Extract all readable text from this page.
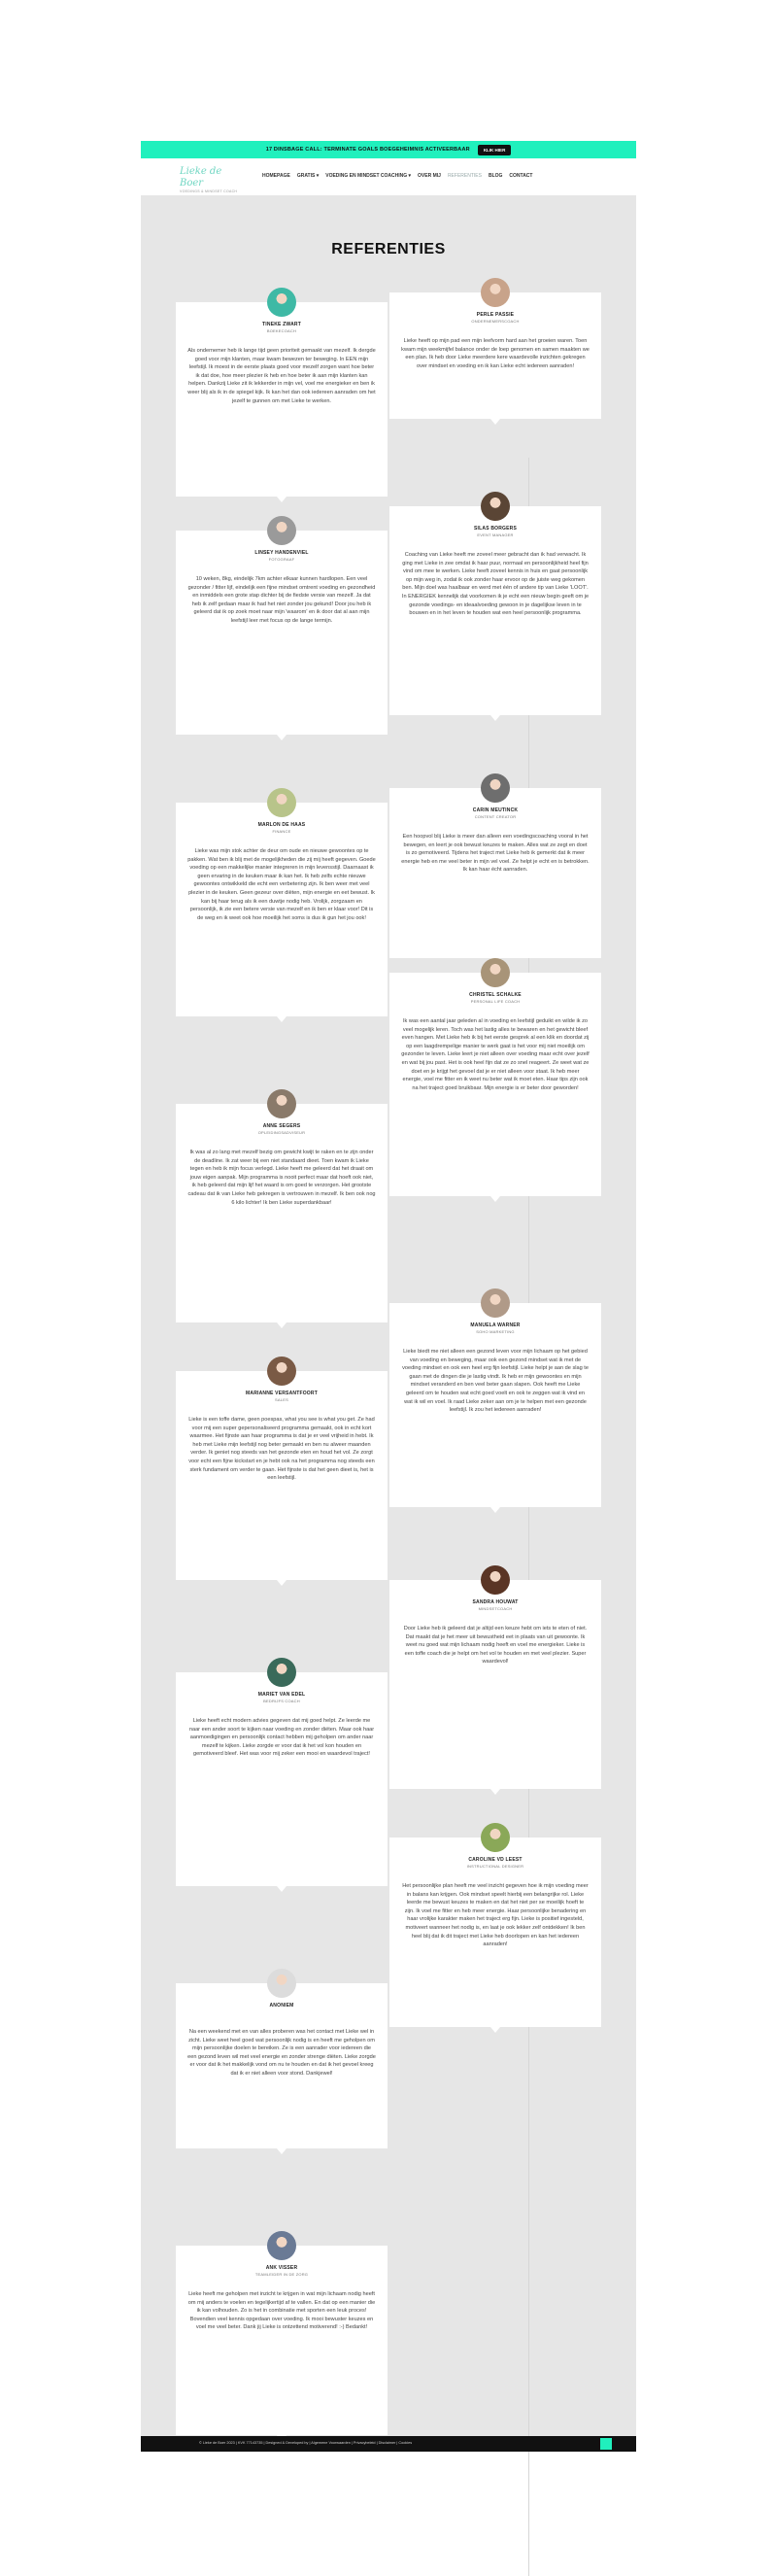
17 DINSBAGE CALL: TERMINATE GOALS BOEGEHEIMNIS ACTIVEERBAAR	KLIK HIER
Lieke de Boer
VOEDINGS & MINDSET COACH
HOMEPAGE GRATIS ▾ VOEDING EN MINDSET COACHING ▾ OVER MIJ REFERENTIES BLOG CONTACT
REFERENTIES
TINEKE ZWART
BOEKECOACH
Als ondernemer heb ik lange tijd geen prioriteit gemaakt van mezelf. Ik dergde goed voor mijn klanten, maar kwam bewezen ter beweging. In EEN mijn leefstijl. Ik moest in de eerste plaats goed voor mezelf zorgen want hoe beter ik dat doe, hoe meer plezier ik heb en hoe beter ik aan mijn klanten kan helpen. Dankzij Lieke zit ik lekkerder in mijn vel, voel me energieker en ben ik weer blij als ik in de spiegel kijk. Ik kan het dan ook iedereen aanraden om het jezelf te gunnen om met Lieke te werken.
PERLE PASSIE
ONDERNEMERSCOACH
Lieke heeft op mijn pad een mijn leefvorm hard aan het groeien waren. Toen kwam mijn weekmijfel balance onder de loep genomen en samen maakten we een plan. Ik heb door Lieke meerdere kere waardevolle inzichten gekregen over mindset en voeding en ik kan Lieke echt iedereen aanraden!
LINSEY HANDENVIEL
FOTOGRAAF
10 weken, 8kg, eindelijk 7km achter elkaar kunnen hardlopen. Een veel gezonder / fitter lijf, eindelijk een fijne mindset omtrent voeding en gezondheid en inmiddels een grote stap dichter bij de fiedste versie van mezelf. Ja dat heb ik zelf gedaan maar ik had het niet zonder jou gekund! Door jou heb ik geleerd dat ik op zoek moet naar mijn 'waarom' en ik door dat al aan mijn leefstijl leer met focus op de lange termijn.
SILAS BORGERS
EVENT MANAGER
Coaching van Lieke heeft me zoveel meer gebracht dan ik had verwacht. Ik ging met Lieke in zee omdat ik haar puur, normaal en persoonlijkheid heel fijn vind om mee te werken. Lieke heeft zoveel kennis in huis en gaat persoonlijk op mijn weg in, zodat ik ook zonder haar ervoor op de juiste weg gekomen ben. Mijn doel was haalbaar en werd met één of andere tip van Lieke 'LOOT'. In ENERGIEK kennelijk dat voorkomen ik je echt een nieuw begin geeft om je gezonde voedings- en ideaalvoeding gewoon in je dagelijkse leven in te bouwen en in het leven te houden wat een heel persoonlijk programma.
MARLON DE HAAS
FINANCE
Lieke was mijn stok achter de deur om oude en nieuwe gewoontes op te pakken. Wat ben ik blij met de mogelijkheden die zij mij heeft gegeven. Goede voeding op een makkelijke manier integreren in mijn levensstijl. Daarnaast ik geen ervaring in de keuken maar ik kan het. Ik heb zelfs echte nieuwe gewoontes ontwikkeld die echt een verbetering zijn. Ik ben weer met veel plezier in de keuken. Geen gezeur over diëten, mijn energie en eet bewust. Ik kan bij haar terug als ik een duwtje nodig heb. Vrolijk, zorgzaam en persoonlijk, ik zie een betere versie van mezelf en ik ben er klaar voor! Dit is de weg en ik weet ook hoe moeilijk het soms is dus ik gun het jou ook!
CARIN MEUTINCK
CONTENT CREATOR
Een hoopvol blij Lieke is meer dan alleen een voedingscoaching vooral in het bewegen, en leert je ook bewust keuzes te maken. Alles wat ze zegt en doet is zo gemotiveerd. Tijdens het traject met Lieke heb ik gemerkt dat ik meer energie heb en me veel beter in mijn vel voel. Ze helpt je echt en is betrokken. Ik kan haar écht aanraden.
ANNE SEGERS
OPLEIDINGSADVISEUR
Ik was al zo lang met mezelf bezig om gewicht kwijt te raken en te zijn onder de deadline. Ik zat weer bij een niet standaard dieet. Toen kwam ik Lieke tegen en heb ik mijn focus verlegd. Lieke heeft me geleerd dat het draait om jouw eigen aanpak. Mijn programma is nooit perfect maar dat hoeft ook niet, ik heb geleerd dat mijn lijf het waard is om goed te verzorgen. Het grootste cadeau dat ik van Lieke heb gekregen is vertrouwen in mezelf. Ik ben ook nog 6 kilo lichter! Ik ben Lieke superdankbaar!
CHRISTEL SCHALKE
PERSONAL LIFE COACH
Ik was een aantal jaar geleden al in voeding en leefstijl geduikt en wilde ik zo veel mogelijk leren. Toch was het lastig alles te bewaren en het gewicht bleef even hangen. Met Lieke heb ik bij het eerste gesprek al een klik en doordat zij op een laagdrempelige manier te werk gaat is het voor mij niet moeilijk om gezonder te leven. Lieke leert je niet alleen over voeding maar echt over jezelf en wat bij jou past. Het is ook heel fijn dat ze zo snel reageert. Ze weet wat ze doet en je krijgt het gevoel dat je er niet alleen voor staat. Ik heb meer energie, voel me fitter en ik weet nu beter wat ik moet eten. Haar tips zijn ook na het traject goed bruikbaar. Mijn energie is er beter door geworden!
MARIANNE VERSANTFOORT
SALES
Lieke is een toffe dame, geen poespas, what you see is what you get. Ze had voor mij een super gepersonaliseerd programma gemaakt, ook in echt kort waarmee. Het fijnste aan haar programma is dat je er veel vrijheid in hebt. Ik heb met Lieke mijn leefstijl nog beter gemaakt en ben nu alweer maanden verder. Ik geniet nog steeds van het gezonde eten en houd het vol. Ze zorgt voor echt een fijne kickstart en je hebt ook na het programma nog steeds een sterk fundament om verder te gaan. Het fijnste is dat het geen dieet is, het is een leefstijl.
MANUELA WARNER
SOHO MARKETING
Lieke biedt me niet alleen een gezond leven voor mijn lichaam op het gebied van voeding en beweging, maar ook een gezond mindset wat ik met de voeding mindset en ook een heel erg fijn leefstijl. Lieke helpt je aan de slag te gaan met de dingen die je lastig vindt. Ik heb er mijn gewoontes en mijn mindset veranderd en ben veel beter gaan slapen. Ook heeft me Lieke geleerd om te houden wat echt goed voelt en ook te zeggen wat ik vind en wat ik wil en voel. Ik raad Lieke zeker aan om je te helpen met een gezonde leefstijl. Ik zou het iedereen aanraden!
MARIET VAN EDEL
BEDRIJFS COACH
Lieke heeft echt modern advies gegeven dat mij goed helpt. Ze leerde me naar een ander soort te kijken naar voeding en zonder diëten. Maar ook haar aanmoedigingen en persoonlijk contact hebben mij geholpen om ander naar mezelf te kijken. Lieke zorgde er voor dat ik het vol kon houden en gemotiveerd bleef. Het was voor mij zeker een mooi en waardevol traject!
SANDRA HOUWAT
MINDSETCOACH
Door Lieke heb ik geleerd dat je altijd een keuze hebt om iets te eten of niet. Dat maakt dat je het meer uit bewustheid eet in plaats van uit gewoonte. Ik weet nu goed wat mijn lichaam nodig heeft en voel me energieker. Lieke is een toffe coach die je helpt om het vol te houden en met veel plezier. Super waardevol!
ANONIEM
Na een weekend met en van alles proberen was het contact met Lieke wel in zicht. Lieke weet heel goed wat persoonlijk nodig is en heeft me geholpen om mijn persoonlijke doelen te bereiken. Ze is een aanrader voor iedereen die een gezond leven wil met veel energie en zonder strenge diëten. Lieke zorgde er voor dat ik het makkelijk vond om nu te houden en dat ik het gevoel kreeg dat ik er niet alleen voor stond. Dankjewel!
CAROLINE VD LEEST
INSTRUCTIONAL DESIGNER
Het persoonlijke plan heeft me veel inzicht gegeven hoe ik mijn voeding meer in balans kan krijgen. Ook mindset speelt hierbij een belangrijke rol. Lieke leerde me bewust keuzes te maken en dat het niet per se moeilijk hoeft te zijn. Ik voel me fitter en heb meer energie. Haar persoonlijke benadering en haar vrolijke karakter maken het traject erg fijn. Lieke is positief ingesteld, motiveert wanneer het nodig is, en laat je ook lekker zelf ontdekken! Ik ben heel blij dat ik dit traject met Lieke heb doorlopen en kan het iedereen aanraden!
ANK VISSER
TEAMLEIDER IN DE ZORG
Lieke heeft me geholpen met inzicht te krijgen in wat mijn lichaam nodig heeft om mij anders te voelen en tegelijkertijd af te vallen. En dat op een manier die ik kan volhouden. Zo is het in combinatie met sporten een leuk proces! Bovendien veel kennis opgedaan over voeding. Ik mooi bewuster keuzes en voel me veel beter. Dank jij Lieke is ontzettend motiverend! :-) Bedankt!
© Lieke de Boer 2023 | KVK 77143735 | Designed & Developed by | Algemene Voorwaarden | Privacybeleid | Disclaimer | Cookies
